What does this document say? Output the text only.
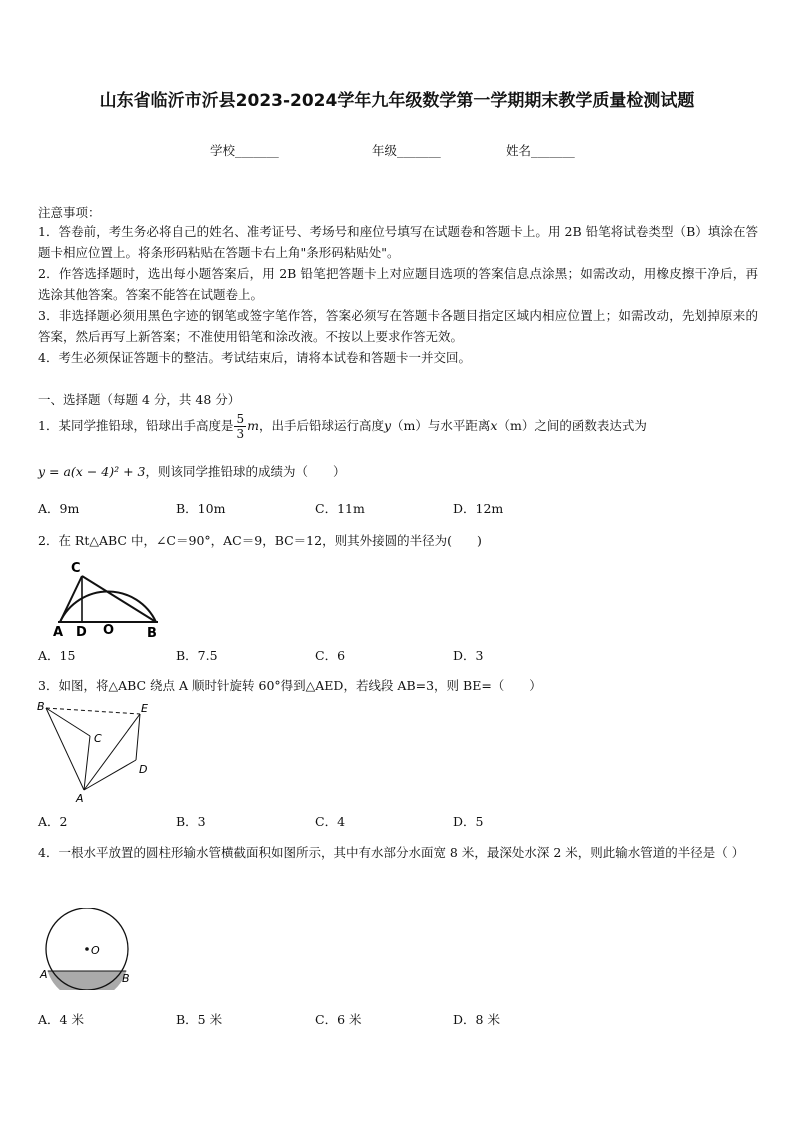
山东省临沂市沂县2023-2024学年九年级数学第一学期期末教学质量检测试题
学校_______	年级_______	姓名_______
注意事项：
1．答卷前，考生务必将自己的姓名、准考证号、考场号和座位号填写在试题卷和答题卡上。用 2B 铅笔将试卷类型（B）填涂在答题卡相应位置上。将条形码粘贴在答题卡右上角"条形码粘贴处"。
2．作答选择题时，选出每小题答案后，用 2B 铅笔把答题卡上对应题目选项的答案信息点涂黑；如需改动，用橡皮擦干净后，再选涂其他答案。答案不能答在试题卷上。
3．非选择题必须用黑色字迹的钢笔或签字笔作答，答案必须写在答题卡各题目指定区域内相应位置上；如需改动，先划掉原来的答案，然后再写上新答案；不准使用铅笔和涂改液。不按以上要求作答无效。
4．考生必须保证答题卡的整洁。考试结束后，请将本试卷和答题卡一并交回。
一、选择题（每题 4 分，共 48 分）
1．某同学推铅球，铅球出手高度是 $\frac{5}{3}$ m，出手后铅球运行高度y（m）与水平距离x（m）之间的函数表达式为
y = a(x − 4)² + 3，则该同学推铅球的成绩为（　　）
A．9m	B．10m	C．11m	D．12m
2．在 Rt△ABC 中，∠C＝90°，AC＝9，BC＝12，则其外接圆的半径为(　　)
C
A D O	B
A．15	B．7.5	C．6	D．3
3．如图，将△ABC 绕点 A 顺时针旋转 60°得到△AED，若线段 AB=3，则 BE=（　　）
B	E
C
D
A
A．2	B．3	C．4	D．5
4．一根水平放置的圆柱形输水管横截面积如图所示，其中有水部分水面宽 8 米，最深处水深 2 米，则此输水管道的半径是（ ）
O
A	B
A．4 米	B．5 米	C．6 米	D．8 米
